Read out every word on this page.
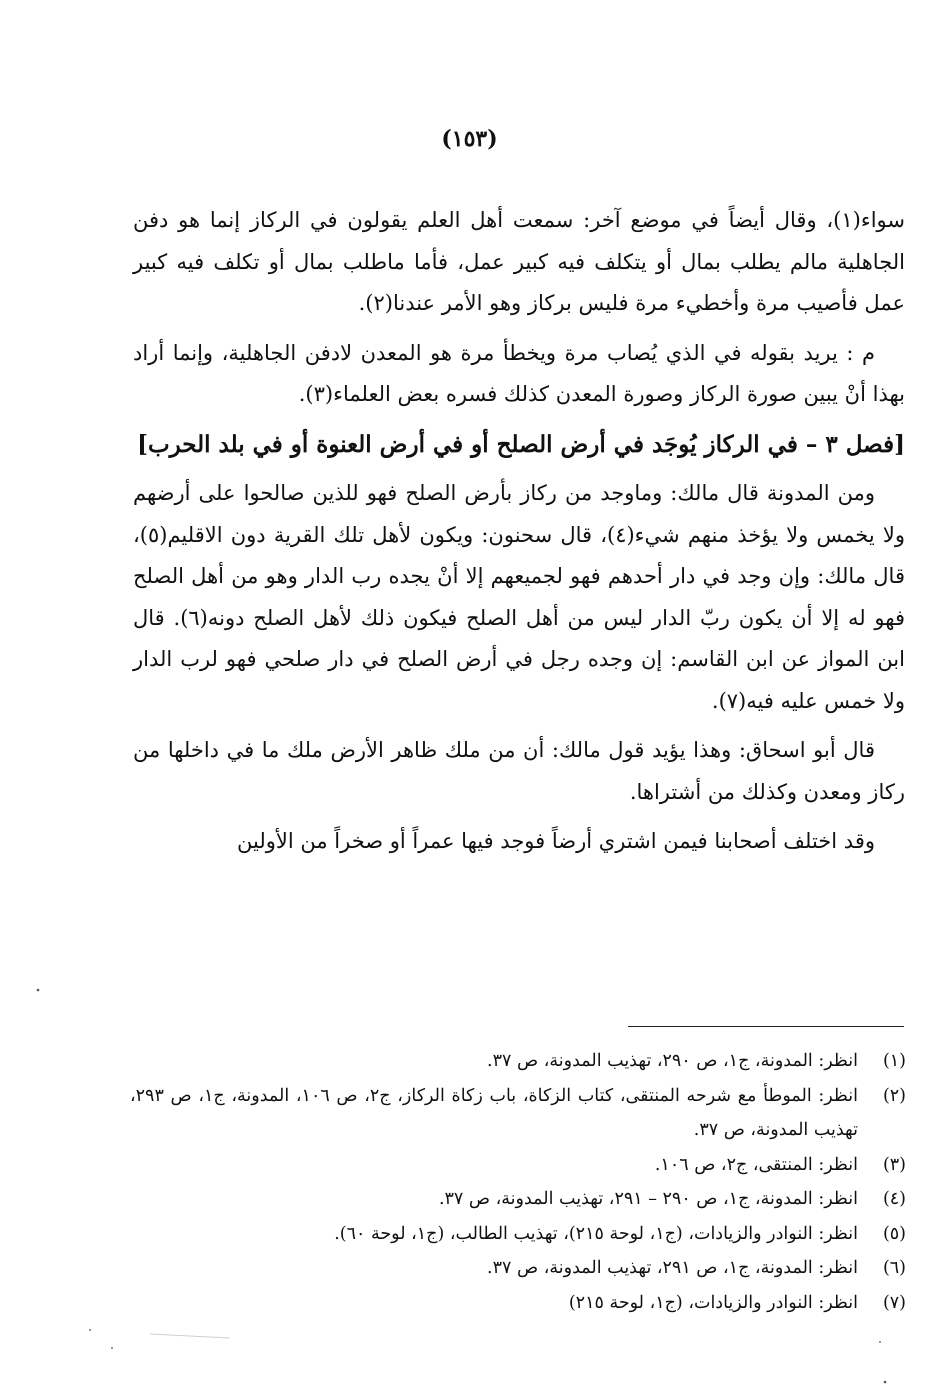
(١٥٣)

سواء(١)، وقال أيضاً في موضع آخر: سمعت أهل العلم يقولون في الركاز إنما هو دفن الجاهلية مالم يطلب بمال أو يتكلف فيه كبير عمل، فأما ماطلب بمال أو تكلف فيه كبير عمل فأصيب مرة وأخطيء مرة فليس بركاز وهو الأمر عندنا(٢).

م : يريد بقوله في الذي يُصاب مرة ويخطأ مرة هو المعدن لادفن الجاهلية، وإنما أراد بهذا أنْ يبين صورة الركاز وصورة المعدن كذلك فسره بعض العلماء(٣).

[فصل ٣ – في الركاز يُوجَد في أرض الصلح أو في أرض العنوة أو في بلد الحرب]

ومن المدونة قال مالك: وماوجد من ركاز بأرض الصلح فهو للذين صالحوا على أرضهم ولا يخمس ولا يؤخذ منهم شيء(٤)، قال سحنون: ويكون لأهل تلك القرية دون الاقليم(٥)، قال مالك: وإن وجد في دار أحدهم فهو لجميعهم إلا أنْ يجده رب الدار وهو من أهل الصلح فهو له إلا أن يكون ربّ الدار ليس من أهل الصلح فيكون ذلك لأهل الصلح دونه(٦). قال ابن المواز عن ابن القاسم: إن وجده رجل في أرض الصلح في دار صلحي فهو لرب الدار ولا خمس عليه فيه(٧).

قال أبو اسحاق: وهذا يؤيد قول مالك: أن من ملك ظاهر الأرض ملك ما في داخلها من ركاز ومعدن وكذلك من أشتراها.

وقد اختلف أصحابنا فيمن اشتري أرضاً فوجد فيها عمراً أو صخراً من الأولين

(١)
انظر: المدونة، ج١، ص ٢٩٠، تهذيب المدونة، ص ٣٧.
(٢)
انظر: الموطأ مع شرحه المنتقى، كتاب الزكاة، باب زكاة الركاز، ج٢، ص ١٠٦، المدونة، ج١، ص ٢٩٣، تهذيب المدونة، ص ٣٧.
(٣)
انظر: المنتقى، ج٢، ص ١٠٦.
(٤)
انظر: المدونة، ج١، ص ٢٩٠ – ٢٩١، تهذيب المدونة، ص ٣٧.
(٥)
انظر: النوادر والزيادات، (ج١، لوحة ٢١٥)، تهذيب الطالب، (ج١، لوحة ٦٠).
(٦)
انظر: المدونة، ج١، ص ٢٩١، تهذيب المدونة، ص ٣٧.
(٧)
انظر: النوادر والزيادات، (ج١، لوحة ٢١٥)
